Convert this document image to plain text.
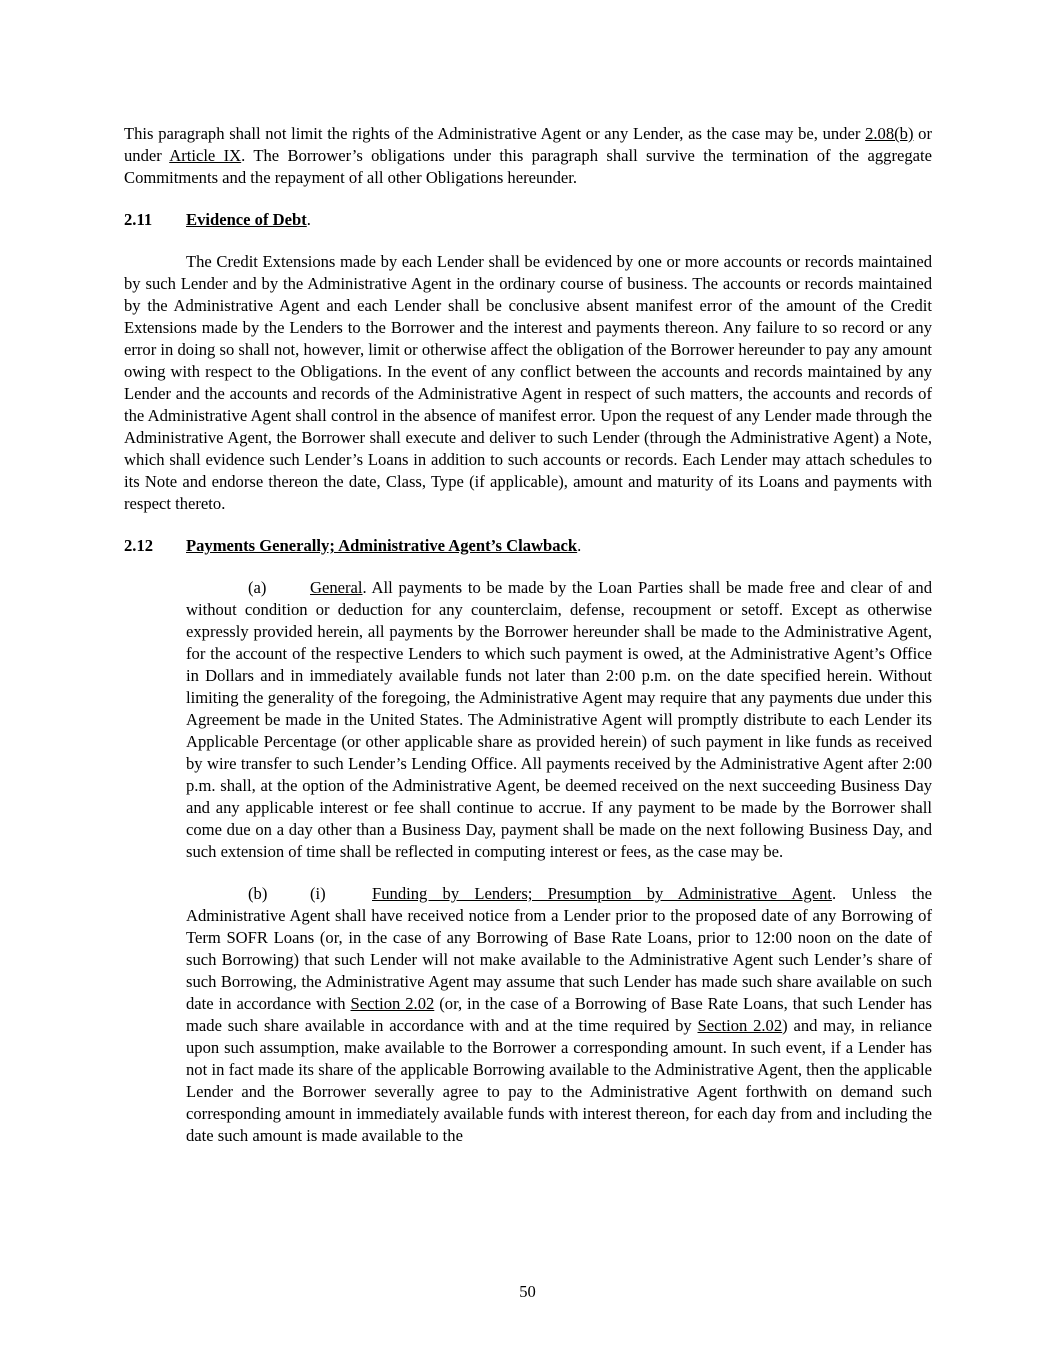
This paragraph shall not limit the rights of the Administrative Agent or any Lender, as the case may be, under 2.08(b) or under Article IX. The Borrower’s obligations under this paragraph shall survive the termination of the aggregate Commitments and the repayment of all other Obligations hereunder.

2.11 Evidence of Debt.

The Credit Extensions made by each Lender shall be evidenced by one or more accounts or records maintained by such Lender and by the Administrative Agent in the ordinary course of business. The accounts or records maintained by the Administrative Agent and each Lender shall be conclusive absent manifest error of the amount of the Credit Extensions made by the Lenders to the Borrower and the interest and payments thereon. Any failure to so record or any error in doing so shall not, however, limit or otherwise affect the obligation of the Borrower hereunder to pay any amount owing with respect to the Obligations. In the event of any conflict between the accounts and records maintained by any Lender and the accounts and records of the Administrative Agent in respect of such matters, the accounts and records of the Administrative Agent shall control in the absence of manifest error. Upon the request of any Lender made through the Administrative Agent, the Borrower shall execute and deliver to such Lender (through the Administrative Agent) a Note, which shall evidence such Lender’s Loans in addition to such accounts or records. Each Lender may attach schedules to its Note and endorse thereon the date, Class, Type (if applicable), amount and maturity of its Loans and payments with respect thereto.

2.12 Payments Generally; Administrative Agent’s Clawback.

(a)	General. All payments to be made by the Loan Parties shall be made free and clear of and without condition or deduction for any counterclaim, defense, recoupment or setoff. Except as otherwise expressly provided herein, all payments by the Borrower hereunder shall be made to the Administrative Agent, for the account of the respective Lenders to which such payment is owed, at the Administrative Agent’s Office in Dollars and in immediately available funds not later than 2:00 p.m. on the date specified herein. Without limiting the generality of the foregoing, the Administrative Agent may require that any payments due under this Agreement be made in the United States. The Administrative Agent will promptly distribute to each Lender its Applicable Percentage (or other applicable share as provided herein) of such payment in like funds as received by wire transfer to such Lender’s Lending Office. All payments received by the Administrative Agent after 2:00 p.m. shall, at the option of the Administrative Agent, be deemed received on the next succeeding Business Day and any applicable interest or fee shall continue to accrue. If any payment to be made by the Borrower shall come due on a day other than a Business Day, payment shall be made on the next following Business Day, and such extension of time shall be reflected in computing interest or fees, as the case may be.

(b)	(i)	Funding by Lenders; Presumption by Administrative Agent. Unless the Administrative Agent shall have received notice from a Lender prior to the proposed date of any Borrowing of Term SOFR Loans (or, in the case of any Borrowing of Base Rate Loans, prior to 12:00 noon on the date of such Borrowing) that such Lender will not make available to the Administrative Agent such Lender’s share of such Borrowing, the Administrative Agent may assume that such Lender has made such share available on such date in accordance with Section 2.02 (or, in the case of a Borrowing of Base Rate Loans, that such Lender has made such share available in accordance with and at the time required by Section 2.02) and may, in reliance upon such assumption, make available to the Borrower a corresponding amount. In such event, if a Lender has not in fact made its share of the applicable Borrowing available to the Administrative Agent, then the applicable Lender and the Borrower severally agree to pay to the Administrative Agent forthwith on demand such corresponding amount in immediately available funds with interest thereon, for each day from and including the date such amount is made available to the

50
